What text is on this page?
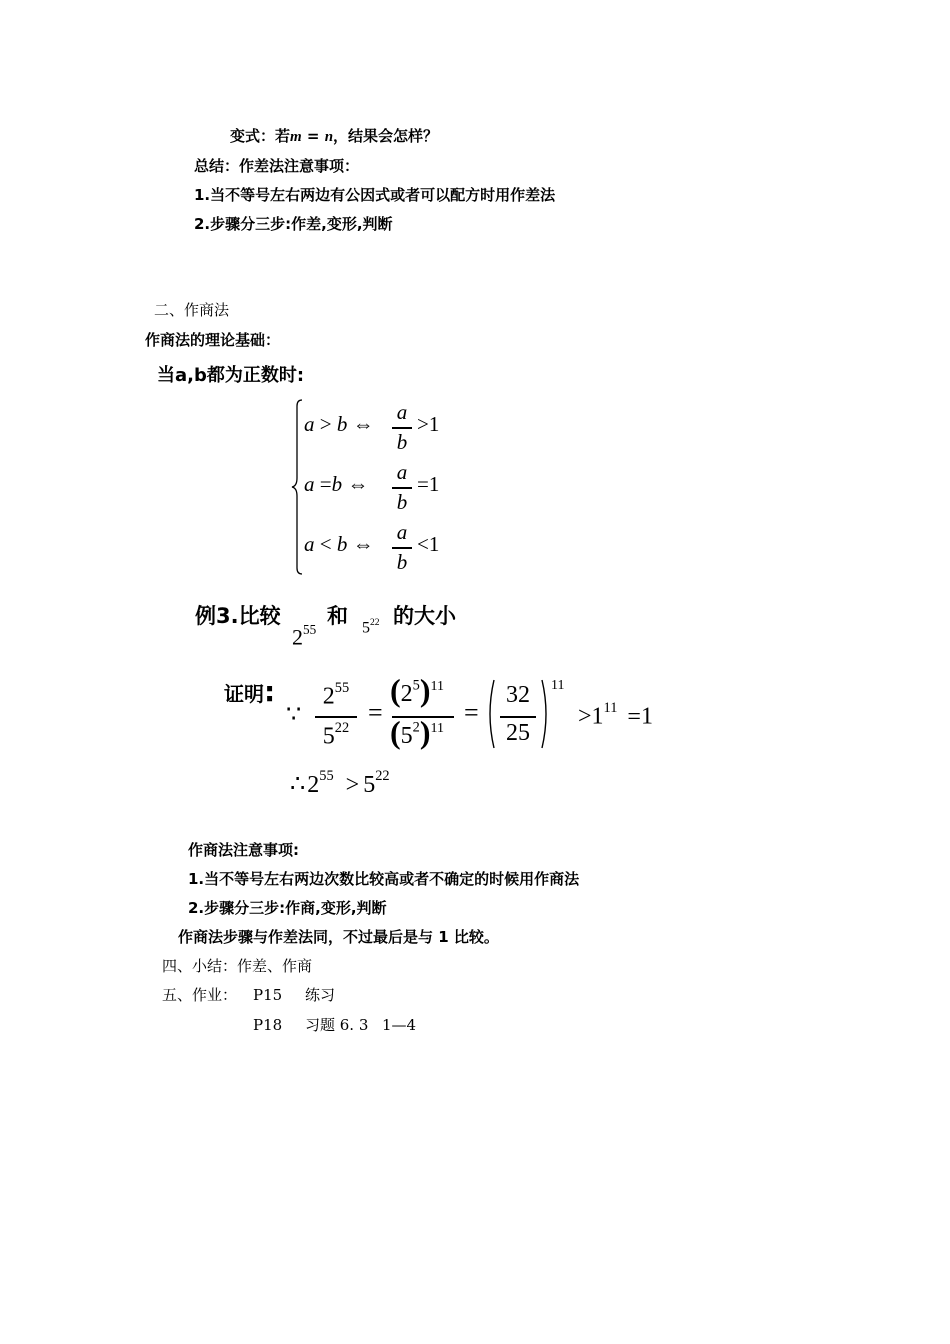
变式：若m = n，结果会怎样？
总结：作差法注意事项：
1.当不等号左右两边有公因式或者可以配方时用作差法
2.步骤分三步:作差,变形,判断
二、作商法
作商法的理论基础：
当a,b都为正数时:
a > b ⇔ a
b
>1
a =b ⇔ a
b
=1
a < b ⇔ a
b
<1
例3.比较
$2^{55}$
和
$5^{22}$ 的大小
证明:
∵
$2^{55}$
$5^{22}$
=
$(2^5)^{11}$
$(5^2)^{11}$
=
32
25
11
$>1^{11} =1$
$\therefore 2^{55} > 5^{22}$
作商法注意事项:
1.当不等号左右两边次数比较高或者不确定的时候用作商法
2.步骤分三步:作商,变形,判断
作商法步骤与作差法同，不过最后是与 1 比较。
四、小结：作差、作商
五、作业： P15 练习
P18 习题 6. 3 1—4
